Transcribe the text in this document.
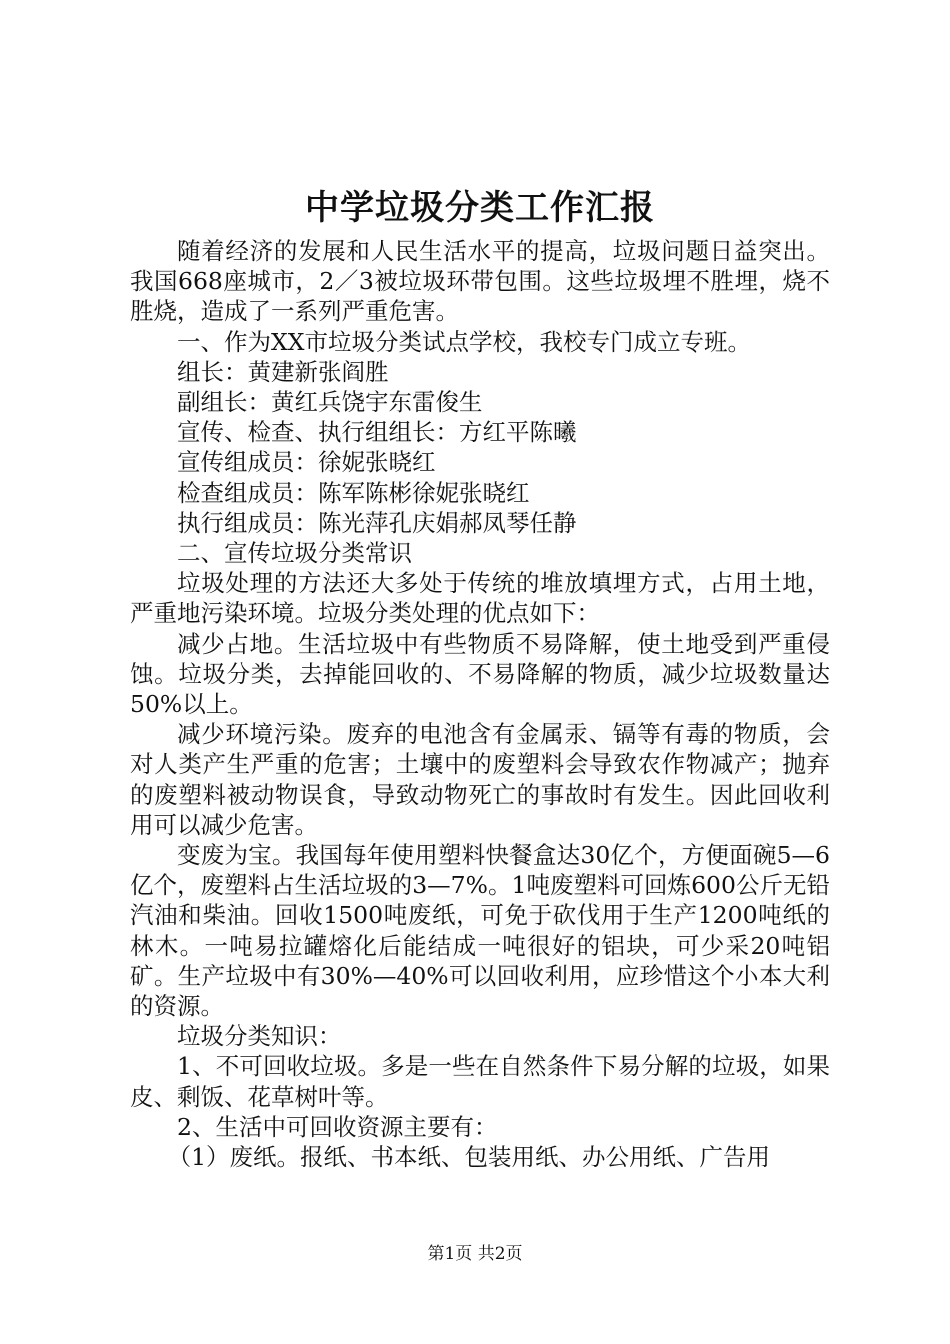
中学垃圾分类工作汇报

随着经济的发展和人民生活水平的提高，垃圾问题日益突出。我国668座城市，2／3被垃圾环带包围。这些垃圾埋不胜埋，烧不胜烧，造成了一系列严重危害。

一、作为XX市垃圾分类试点学校，我校专门成立专班。

组长：黄建新张阎胜

副组长：黄红兵饶宇东雷俊生

宣传、检查、执行组组长：方红平陈曦

宣传组成员：徐妮张晓红

检查组成员：陈军陈彬徐妮张晓红

执行组成员：陈光萍孔庆娟郝凤琴任静

二、宣传垃圾分类常识

垃圾处理的方法还大多处于传统的堆放填埋方式，占用土地，严重地污染环境。垃圾分类处理的优点如下：

减少占地。生活垃圾中有些物质不易降解，使土地受到严重侵蚀。垃圾分类，去掉能回收的、不易降解的物质，减少垃圾数量达50%以上。

减少环境污染。废弃的电池含有金属汞、镉等有毒的物质，会对人类产生严重的危害；土壤中的废塑料会导致农作物减产；抛弃的废塑料被动物误食，导致动物死亡的事故时有发生。因此回收利用可以减少危害。

变废为宝。我国每年使用塑料快餐盒达30亿个，方便面碗5—6亿个，废塑料占生活垃圾的3—7%。1吨废塑料可回炼600公斤无铅汽油和柴油。回收1500吨废纸，可免于砍伐用于生产1200吨纸的林木。一吨易拉罐熔化后能结成一吨很好的铝块，可少采20吨铝矿。生产垃圾中有30%—40%可以回收利用，应珍惜这个小本大利的资源。

垃圾分类知识：

1、不可回收垃圾。多是一些在自然条件下易分解的垃圾，如果皮、剩饭、花草树叶等。

2、生活中可回收资源主要有：

（1）废纸。报纸、书本纸、包装用纸、办公用纸、广告用

第1页 共2页
